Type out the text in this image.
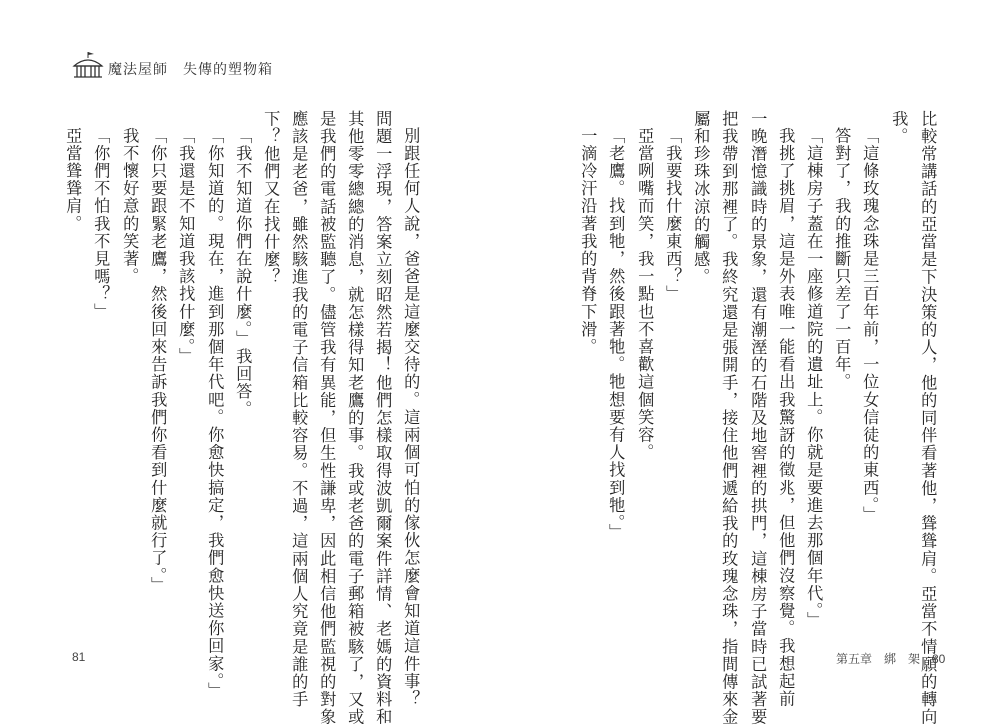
魔法屋師　失傳的塑物箱
比較常講話的亞當是下決策的人，他的同伴看著他，聳聳肩。亞當不情願的轉向
我。
「這條玫瑰念珠是三百年前，一位女信徒的東西。」
答對了，我的推斷只差了一百年。
「這棟房子蓋在一座修道院的遺址上。你就是要進去那個年代。」
我挑了挑眉，這是外表唯一能看出我驚訝的徵兆，但他們沒察覺。我想起前
一晚潛憶識時的景象，還有潮溼的石階及地窖裡的拱門，這棟房子當時已試著要
把我帶到那裡了。我終究還是張開手，接住他們遞給我的玫瑰念珠，指間傳來金
屬和珍珠冰涼的觸感。
「我要找什麼東西？」
亞當咧嘴而笑，我一點也不喜歡這個笑容。
「老鷹。找到牠，然後跟著牠。牠想要有人找到牠。」
一滴冷汗沿著我的背脊下滑。
別跟任何人說，爸爸是這麼交待的。這兩個可怕的傢伙怎麼會知道這件事？
問題一浮現，答案立刻昭然若揭！他們怎樣取得波凱爾案件詳情、老媽的資料和
其他零零總總的消息，就怎樣得知老鷹的事。我或老爸的電子郵箱被駭了，又或
是我們的電話被監聽了。儘管我有異能，但生性謙卑，因此相信他們監視的對象
應該是老爸，雖然駭進我的電子信箱比較容易。不過，這兩個人究竟是誰的手
下？他們又在找什麼？
「我不知道你們在說什麼。」我回答。
「你知道的。現在，進到那個年代吧。你愈快搞定，我們愈快送你回家。」
「我還是不知道我該找什麼。」
「你只要跟緊老鷹，然後回來告訴我們你看到什麼就行了。」
我不懷好意的笑著。
「你們不怕我不見嗎？」
亞當聳聳肩。
81	第五章　綁　架　80
